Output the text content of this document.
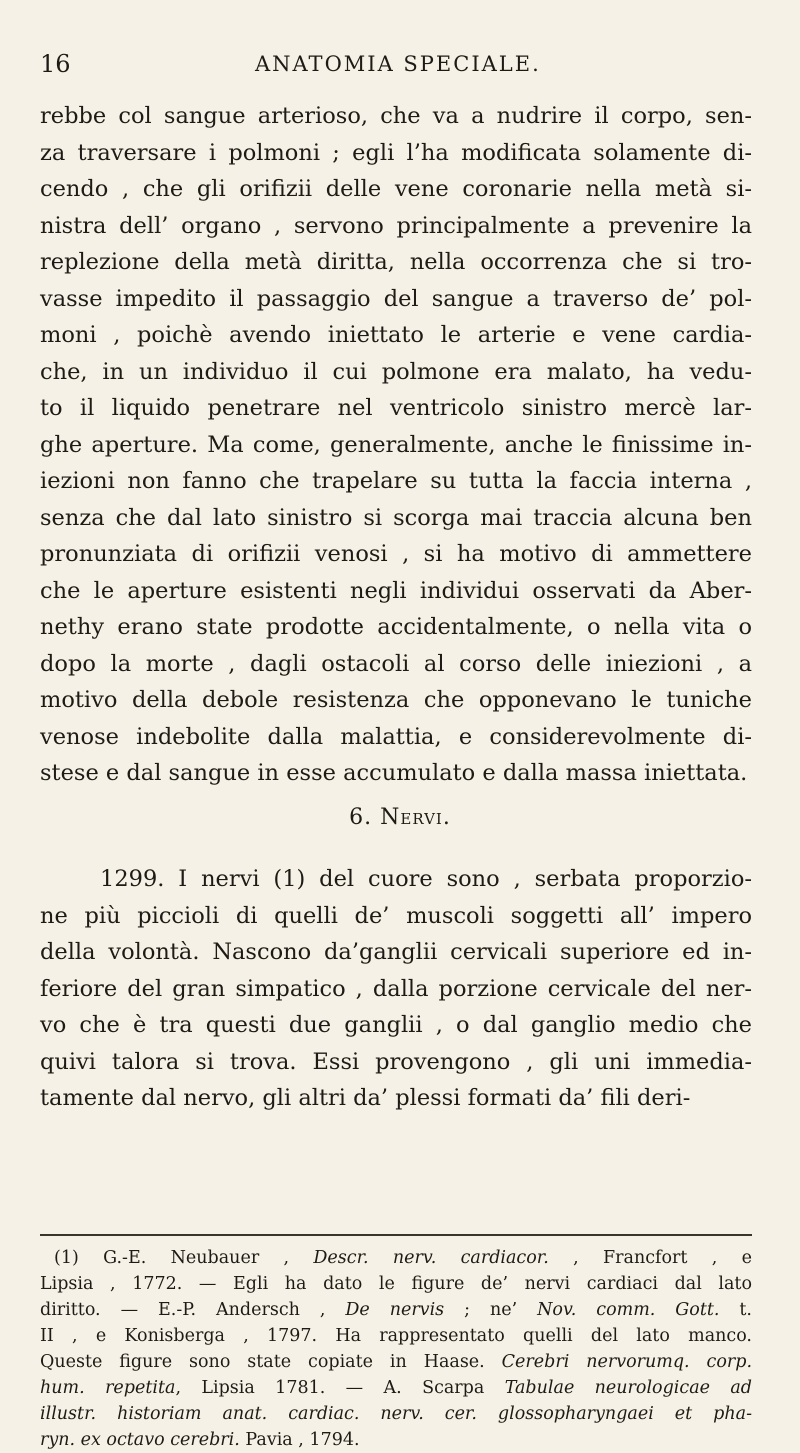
16	ANATOMIA SPECIALE.
rebbe col sangue arterioso, che va a nudrire il corpo, sen-
za traversare i polmoni ; egli l’ha modificata solamente di-
cendo , che gli orifizii delle vene coronarie nella metà si-
nistra dell’ organo , servono principalmente a prevenire la
replezione della metà diritta, nella occorrenza che si tro-
vasse impedito il passaggio del sangue a traverso de’ pol-
moni , poichè avendo iniettato le arterie e vene cardia-
che, in un individuo il cui polmone era malato, ha vedu-
to il liquido penetrare nel ventricolo sinistro mercè lar-
ghe aperture. Ma come, generalmente, anche le finissime in-
iezioni non fanno che trapelare su tutta la faccia interna ,
senza che dal lato sinistro si scorga mai traccia alcuna ben
pronunziata di orifizii venosi , si ha motivo di ammettere
che le aperture esistenti negli individui osservati da Aber-
nethy erano state prodotte accidentalmente, o nella vita o
dopo la morte , dagli ostacoli al corso delle iniezioni , a
motivo della debole resistenza che opponevano le tuniche
venose indebolite dalla malattia, e considerevolmente di-
stese e dal sangue in esse accumulato e dalla massa iniettata.
6. Nervi.
1299. I nervi (1) del cuore sono , serbata proporzio-
ne più piccioli di quelli de’ muscoli soggetti all’ impero
della volontà. Nascono da’ganglii cervicali superiore ed in-
feriore del gran simpatico , dalla porzione cervicale del ner-
vo che è tra questi due ganglii , o dal ganglio medio che
quivi talora si trova. Essi provengono , gli uni immedia-
tamente dal nervo, gli altri da’ plessi formati da’ fili deri-
(1) G.-E. Neubauer , Descr. nerv. cardiacor. , Francfort , e
Lipsia , 1772. — Egli ha dato le figure de’ nervi cardiaci dal lato
diritto. — E.-P. Andersch , De nervis ; ne’ Nov. comm. Gott. t.
II , e Konisberga , 1797. Ha rappresentato quelli del lato manco.
Queste figure sono state copiate in Haase. Cerebri nervorumq. corp.
hum. repetita, Lipsia 1781. — A. Scarpa Tabulae neurologicae ad
illustr. historiam anat. cardiac. nerv. cer. glossopharyngaei et pha-
ryn. ex octavo cerebri. Pavia , 1794.
